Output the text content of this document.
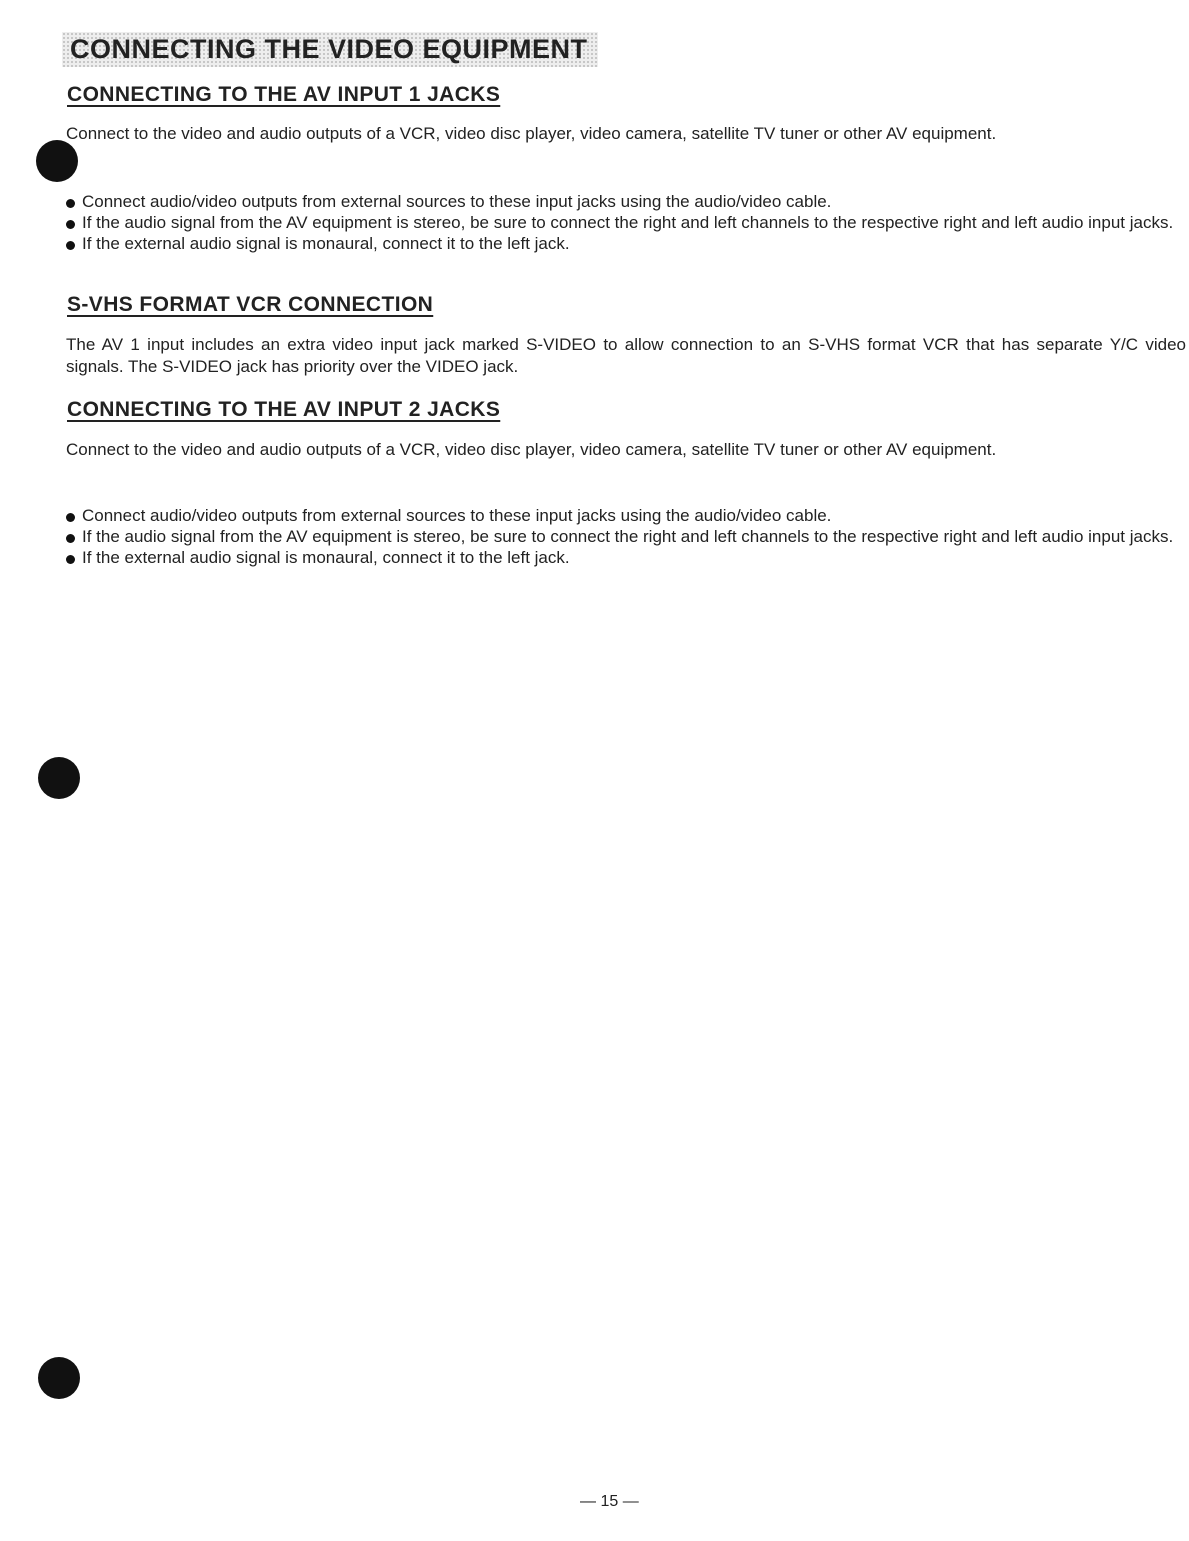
CONNECTING THE VIDEO EQUIPMENT
CONNECTING TO THE AV INPUT 1 JACKS
Connect to the video and audio outputs of a VCR, video disc player, video camera, satellite TV tuner or other AV equipment.
Connect audio/video outputs from external sources to these input jacks using the audio/video cable.
If the audio signal from the AV equipment is stereo, be sure to connect the right and left channels to the respective right and left audio input jacks.
If the external audio signal is monaural, connect it to the left jack.
S-VHS FORMAT VCR CONNECTION
The AV 1 input includes an extra video input jack marked S-VIDEO to allow connection to an S-VHS format VCR that has separate Y/C video signals. The S-VIDEO jack has priority over the VIDEO jack.
CONNECTING TO THE AV INPUT 2 JACKS
Connect to the video and audio outputs of a VCR, video disc player, video camera, satellite TV tuner or other AV equipment.
Connect audio/video outputs from external sources to these input jacks using the audio/video cable.
If the audio signal from the AV equipment is stereo, be sure to connect the right and left channels to the respective right and left audio input jacks.
If the external audio signal is monaural, connect it to the left jack.
— 15 —
